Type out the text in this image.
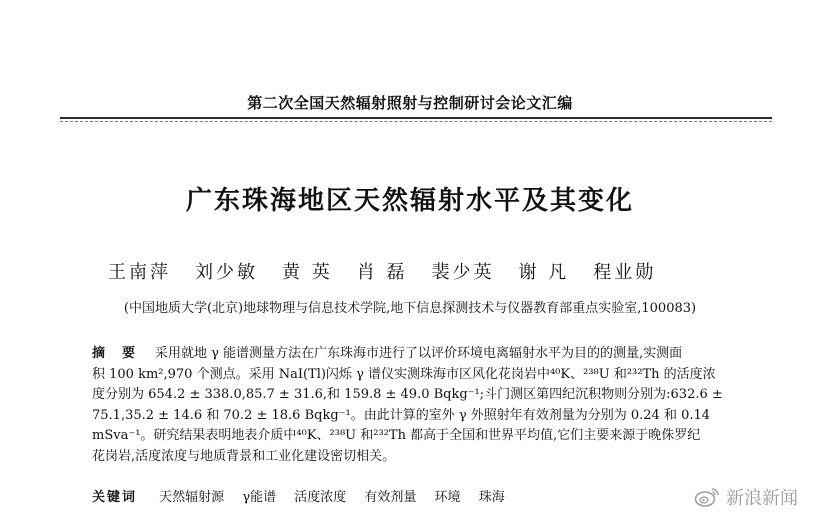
第二次全国天然辐射照射与控制研讨会论文汇编
广东珠海地区天然辐射水平及其变化
王南萍 刘少敏 黄 英 肖 磊 裴少英 谢 凡 程业勋
(中国地质大学(北京)地球物理与信息技术学院,地下信息探测技术与仪器教育部重点实验室,100083)
摘　要 采用就地 γ 能谱测量方法在广东珠海市进行了以评价环境电离辐射水平为目的的测量,实测面
积 100 km²,970 个测点。采用 NaI(Tl)闪烁 γ 谱仪实测珠海市区风化花岗岩中⁴⁰K、²³⁸U 和²³²Th 的活度浓
度分别为 654.2 ± 338.0,85.7 ± 31.6,和 159.8 ± 49.0 Bqkg⁻¹;斗门测区第四纪沉积物则分别为:632.6 ±
75.1,35.2 ± 14.6 和 70.2 ± 18.6 Bqkg⁻¹。由此计算的室外 γ 外照射年有效剂量为分别为 0.24 和 0.14
mSva⁻¹。研究结果表明地表介质中⁴⁰K、²³⁸U 和²³²Th 都高于全国和世界平均值,它们主要来源于晚侏罗纪
花岗岩,活度浓度与地质背景和工业化建设密切相关。
关键词 天然辐射源 γ能谱 活度浓度 有效剂量 环境 珠海	新浪新闻
